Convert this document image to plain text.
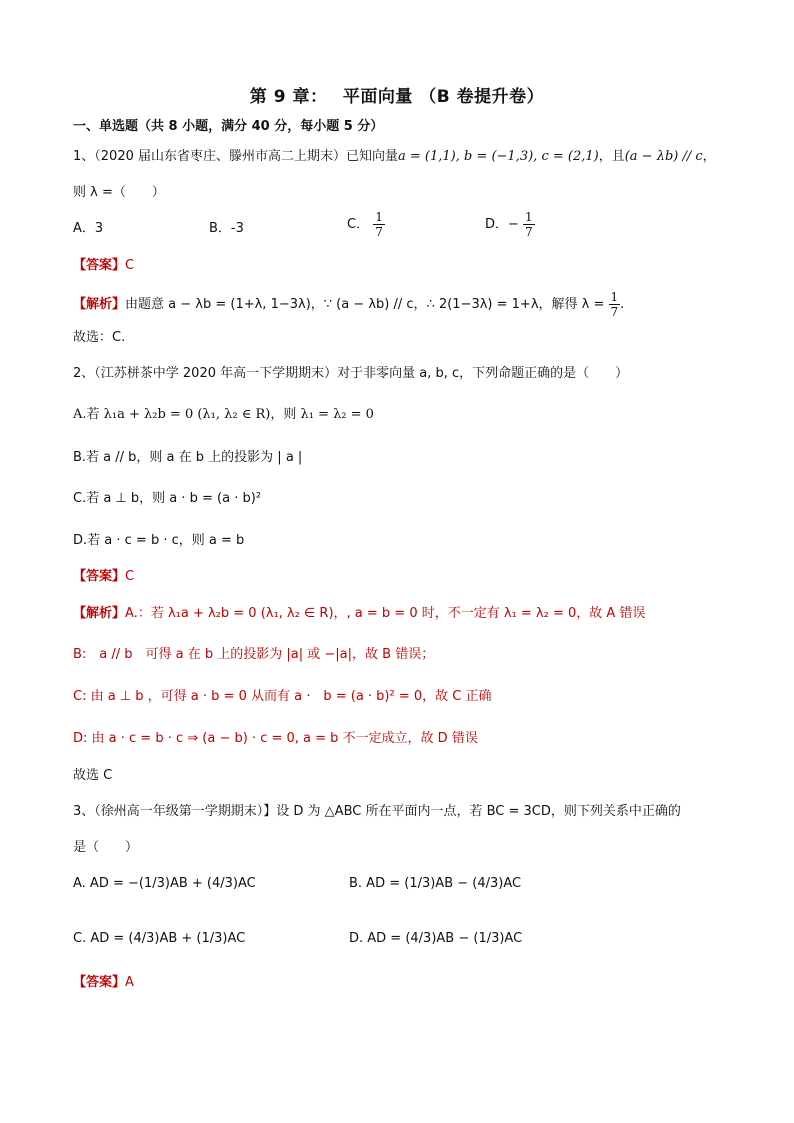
第 9 章：　 平面向量 （B 卷提升卷）
一、单选题（共 8 小题，满分 40 分，每小题 5 分）
1、（2020 届山东省枣庄、滕州市高二上期末）已知向量a = (1,1), b = (−1,3), c = (2,1)，且(a − λb) // c，
则 λ =（　　）
A．3	B．-3	C． $\frac{1}{7}$	D．− $\frac{1}{7}$
【答案】C
【解析】由题意 a − λb = (1+λ, 1−3λ)，∵ (a − λb) // c，∴ 2(1−3λ) = 1+λ，解得 $\lambda = \frac{1}{7}$ .
故选：C.
2、（江苏栟茶中学 2020 年高一下学期期末）对于非零向量 a, b, c，下列命题正确的是（　　）
A.若 λ₁a + λ₂b = 0 (λ₁, λ₂ ∈ R)，则 λ₁ = λ₂ = 0
B.若 a // b，则 a 在 b 上的投影为 | a |
C.若 a ⊥ b，则 a · b = (a · b)²
D.若 a · c = b · c，则 a = b
【答案】C
【解析】A.：若 λ₁a + λ₂b = 0 (λ₁, λ₂ ∈ R)，, a = b = 0 时，不一定有 λ₁ = λ₂ = 0，故 A 错误
B:　a // b　可得 a 在 b 上的投影为 |a| 或 −|a|，故 B 错误；
C: 由 a ⊥ b ，可得 a · b = 0 从而有 a ·　b = (a · b)² = 0，故 C 正确
D: 由 a · c = b · c ⇒ (a − b) · c = 0, a = b 不一定成立，故 D 错误
故选 C
3、（徐州高一年级第一学期期末）】设 D 为 △ABC 所在平面内一点，若 BC = 3CD，则下列关系中正确的
是（　　）
A. AD = −(1/3)AB + (4/3)AC	B. AD = (1/3)AB − (4/3)AC
C. AD = (4/3)AB + (1/3)AC	D. AD = (4/3)AB − (1/3)AC
【答案】A
